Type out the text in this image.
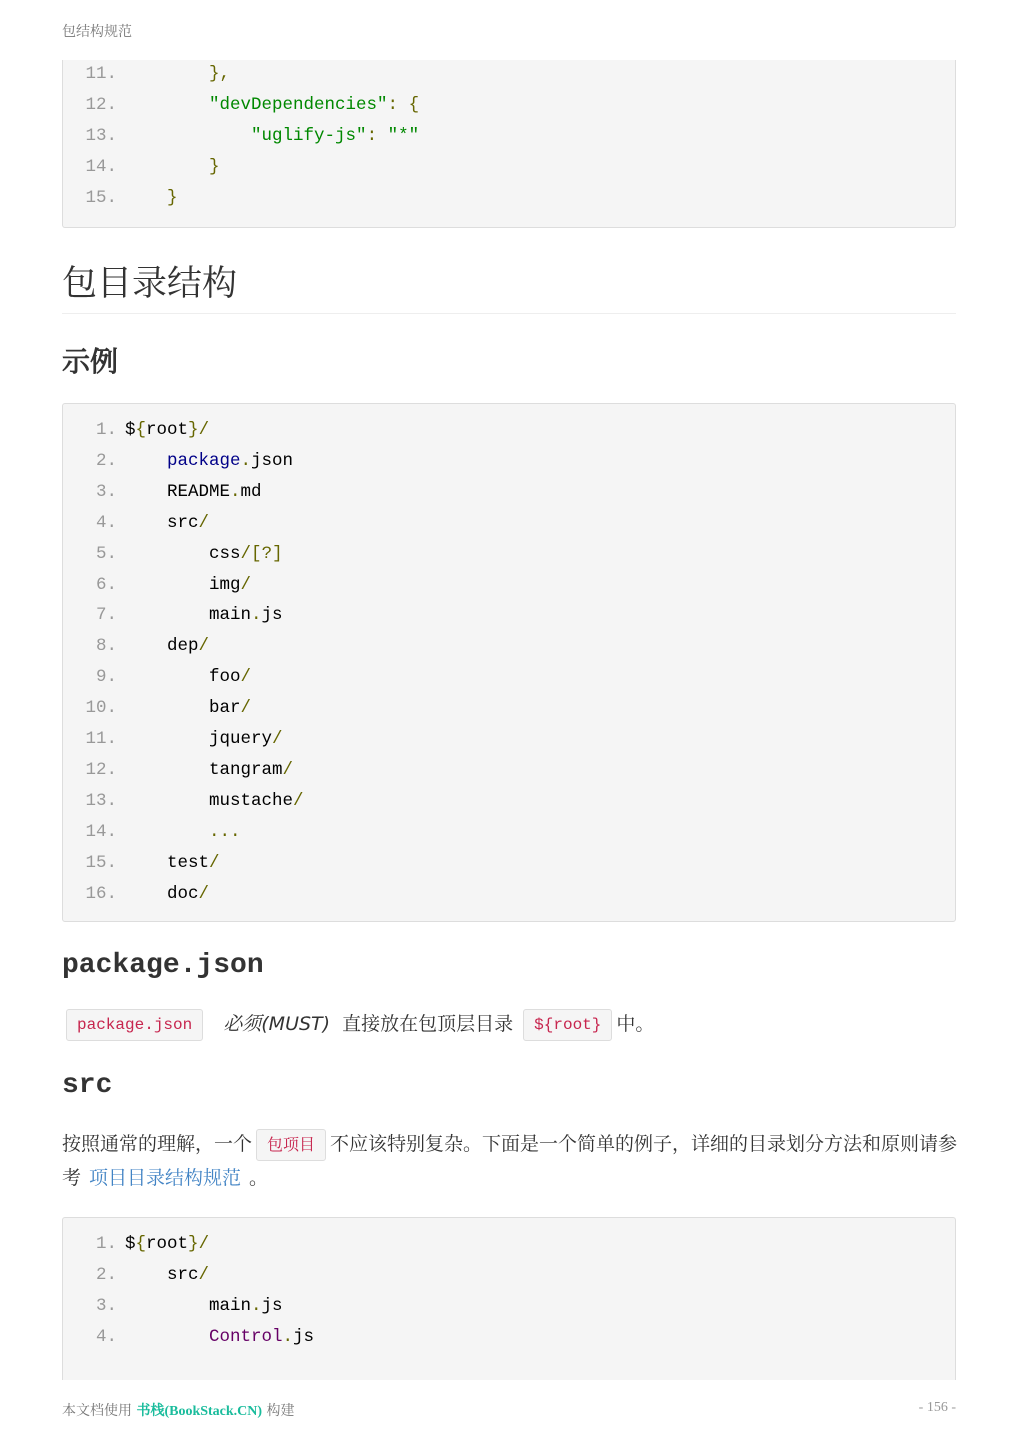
包结构规范
11.	},
12.	"devDependencies": {
13.	"uglify-js": "*"
14.	}
15.	}
包目录结构
示例
1. ${root}/
2. package.json
3. README.md
4. src/
5. css/[?]
6. img/
7. main.js
8. dep/
9. foo/
10. bar/
11. jquery/
12. tangram/
13. mustache/
14.	...
15. test/
16. doc/
package.json
package.json 必须(MUST) 直接放在包顶层目录 ${root} 中。
src
按照通常的理解，一个 包项目 不应该特别复杂。下面是一个简单的例子，详细的目录划分方法和原则请参考 项目目录结构规范 。
1. ${root}/
2. src/
3. main.js
4. Control.js
本文档使用 书栈(BookStack.CN) 构建	- 156 -
